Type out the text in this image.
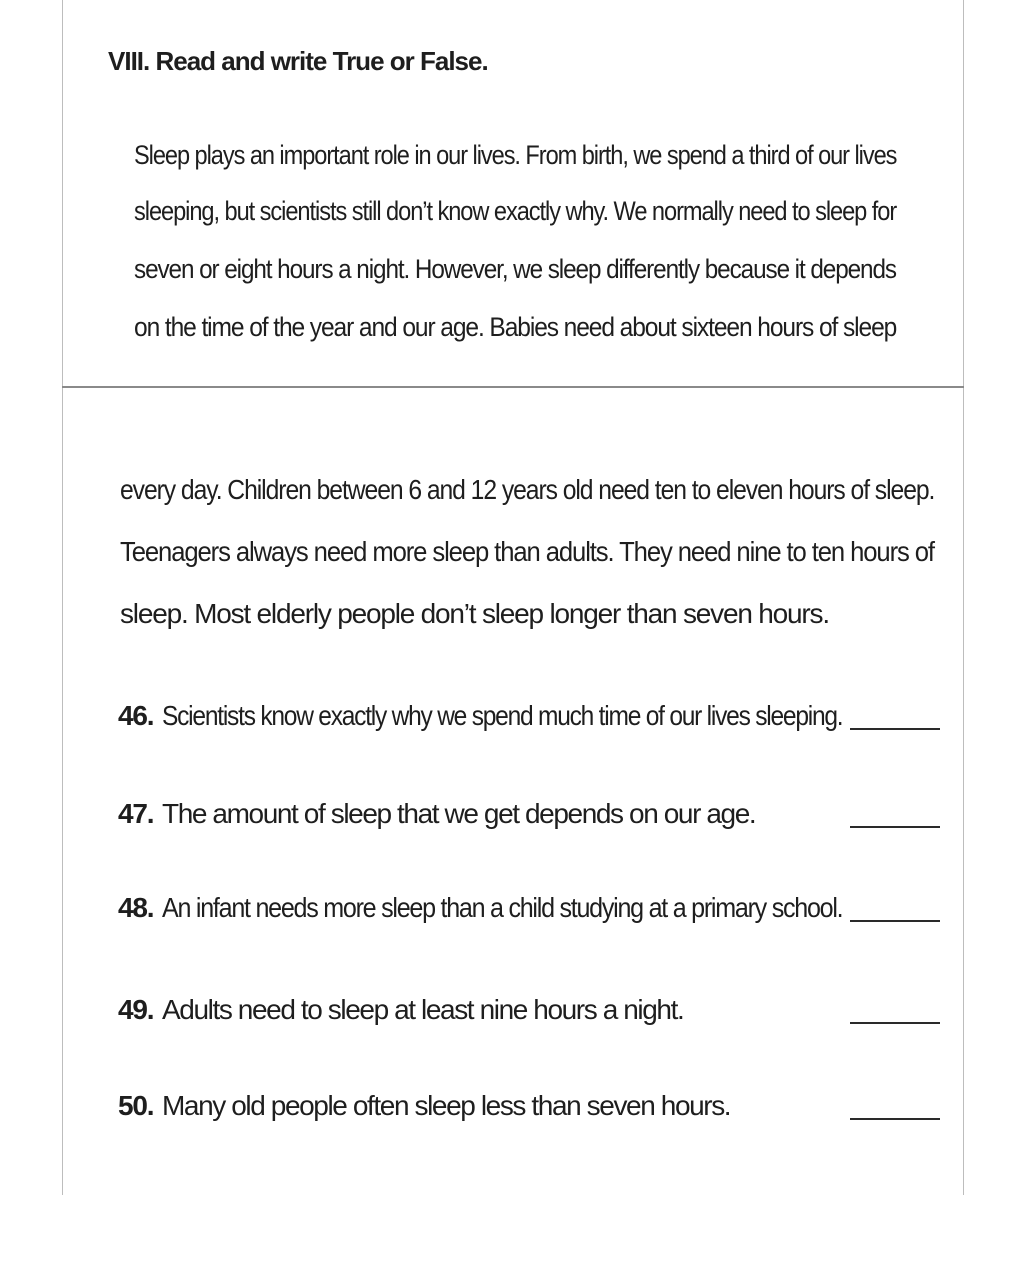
VIII. Read and write True or False.
Sleep plays an important role in our lives. From birth, we spend a third of our lives
sleeping, but scientists still don’t know exactly why. We normally need to sleep for
seven or eight hours a night. However, we sleep differently because it depends
on the time of the year and our age. Babies need about sixteen hours of sleep
every day. Children between 6 and 12 years old need ten to eleven hours of sleep.
Teenagers always need more sleep than adults. They need nine to ten hours of
sleep. Most elderly people don’t sleep longer than seven hours.
46. Scientists know exactly why we spend much time of our lives sleeping.
47. The amount of sleep that we get depends on our age.
48. An infant needs more sleep than a child studying at a primary school.
49. Adults need to sleep at least nine hours a night.
50. Many old people often sleep less than seven hours.
